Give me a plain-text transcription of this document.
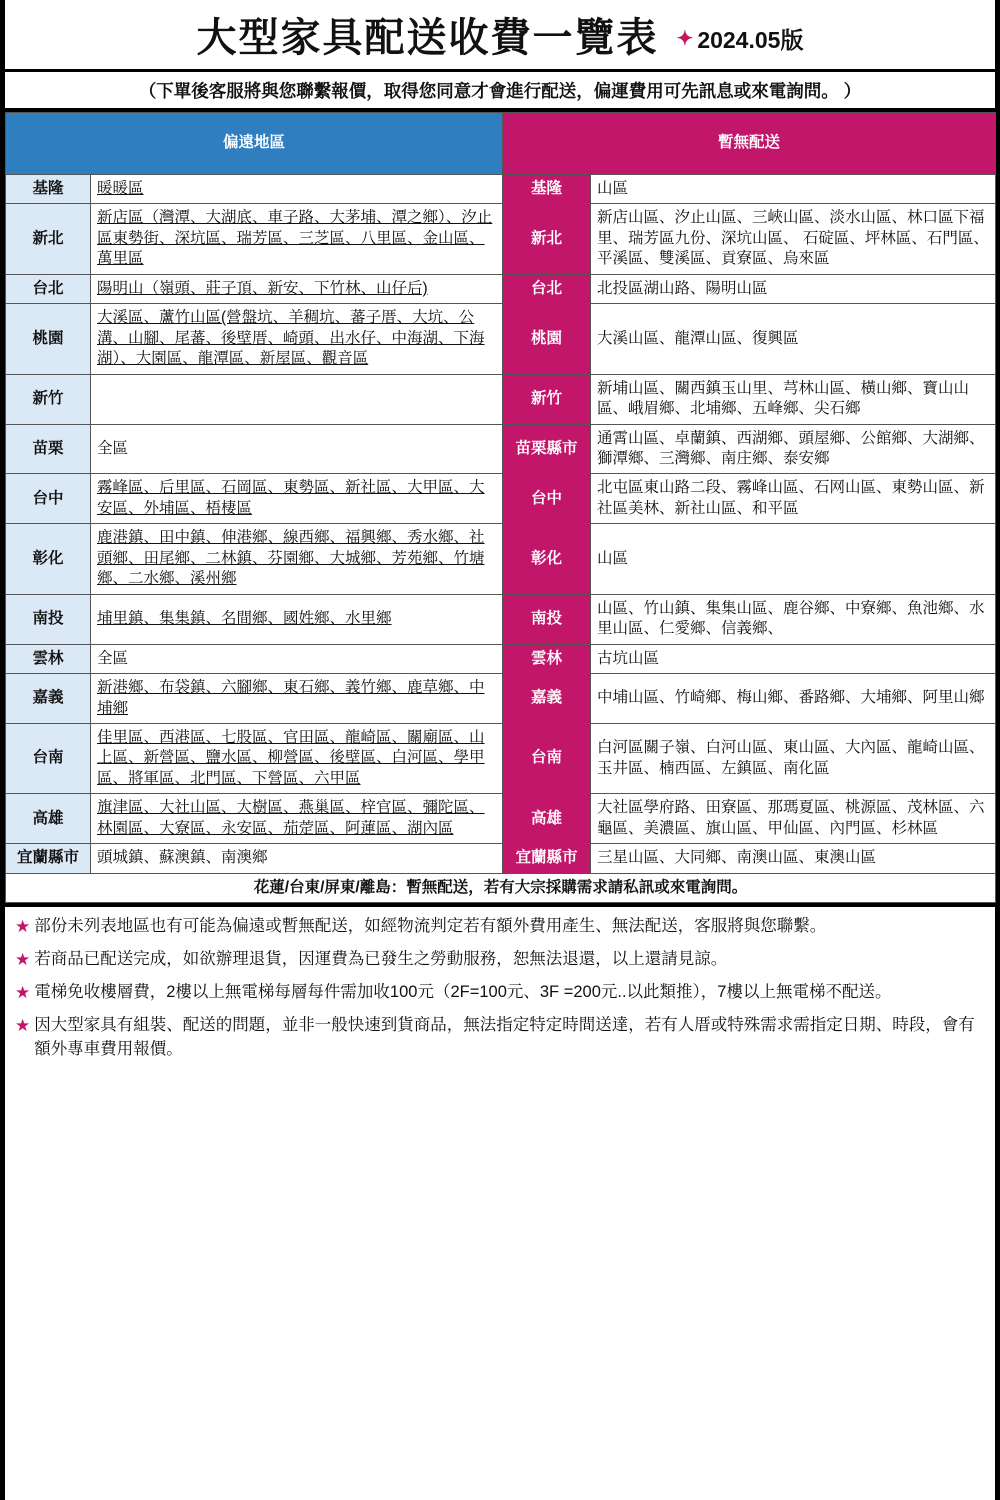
大型家具配送收費一覽表 ✦ 2024.05版
（下單後客服將與您聯繫報價，取得您同意才會進行配送，偏運費用可先訊息或來電詢問。 ）
偏遠地區		暫無配送	
基隆	暖暖區	基隆	山區
新北	新店區（灣潭、大湖底、車子路、大茅埔、潭之鄉）、汐止區東勢街、深坑區、瑞芳區、三芝區、八里區、金山區、萬里區	新北	新店山區、汐止山區、三峽山區、淡水山區、林口區下福里、瑞芳區九份、深坑山區、 石碇區、坪林區、石門區、平溪區、雙溪區、貢寮區、烏來區
台北	陽明山（嶺頭、莊子頂、新安、下竹林、山仔后)	台北	北投區湖山路、陽明山區
桃園	大溪區、蘆竹山區(營盤坑、羊稠坑、蕃子厝、大坑、公溝、山腳、尾蕃、後壁厝、崎頭、出水仔、中海湖、下海湖）、大園區、龍潭區、新屋區、觀音區	桃園	大溪山區、龍潭山區、復興區
新竹		新竹	新埔山區、關西鎮玉山里、芎林山區、橫山鄉、寶山山區、峨眉鄉、北埔鄉、五峰鄉、尖石鄉
苗栗	全區	苗栗縣市	通霄山區、卓蘭鎮、西湖鄉、頭屋鄉、公館鄉、大湖鄉、獅潭鄉、三灣鄉、南庄鄉、泰安鄉
台中	霧峰區、后里區、石岡區、東勢區、新社區、大甲區、大安區、外埔區、梧棲區	台中	北屯區東山路二段、霧峰山區、石网山區、東勢山區、新社區美林、新社山區、和平區
彰化	鹿港鎮、田中鎮、伸港鄉、線西鄉、福興鄉、秀水鄉、社頭鄉、田尾鄉、二林鎮、芬園鄉、大城鄉、芳苑鄉、竹塘鄉、二水鄉、溪州鄉	彰化	山區
南投	埔里鎮、集集鎮、名間鄉、國姓鄉、水里鄉	南投	山區、竹山鎮、集集山區、鹿谷鄉、中寮鄉、魚池鄉、水里山區、仁愛鄉、信義鄉、
雲林	全區	雲林	古坑山區
嘉義	新港鄉、布袋鎮、六腳鄉、東石鄉、義竹鄉、鹿草鄉、中埔鄉	嘉義	中埔山區、竹崎鄉、梅山鄉、番路鄉、大埔鄉、阿里山鄉
台南	佳里區、西港區、七股區、官田區、龍崎區、關廟區、山上區、新營區、鹽水區、柳營區、後壁區、白河區、學甲區、將軍區、北門區、下營區、六甲區	台南	白河區關子嶺、白河山區、東山區、大內區、龍崎山區、玉井區、楠西區、左鎮區、南化區
高雄	旗津區、大社山區、大樹區、燕巢區、梓官區、彌陀區、 林園區、大寮區、永安區、茄萣區、阿蓮區、湖內區	高雄	大社區學府路、田寮區、那瑪夏區、桃源區、茂林區、六龜區、美濃區、旗山區、甲仙區、內門區、杉林區
宜蘭縣市	頭城鎮、蘇澳鎮、南澳鄉	宜蘭縣市	三星山區、大同鄉、南澳山區、東澳山區
花蓮/台東/屏東/離島：暫無配送，若有大宗採購需求請私訊或來電詢問。			
★ 部份未列表地區也有可能為偏遠或暫無配送，如經物流判定若有額外費用產生、無法配送，客服將與您聯繫。
★ 若商品已配送完成，如欲辦理退貨，因運費為已發生之勞動服務，恕無法退還，以上還請見諒。
★ 電梯免收樓層費，2樓以上無電梯每層每件需加收100元（2F=100元、3F =200元..以此類推），7樓以上無電梯不配送。
★ 因大型家具有組裝、配送的問題，並非一般快速到貨商品，無法指定特定時間送達，若有人厝或特殊需求需指定日期、時段，會有額外專車費用報價。
